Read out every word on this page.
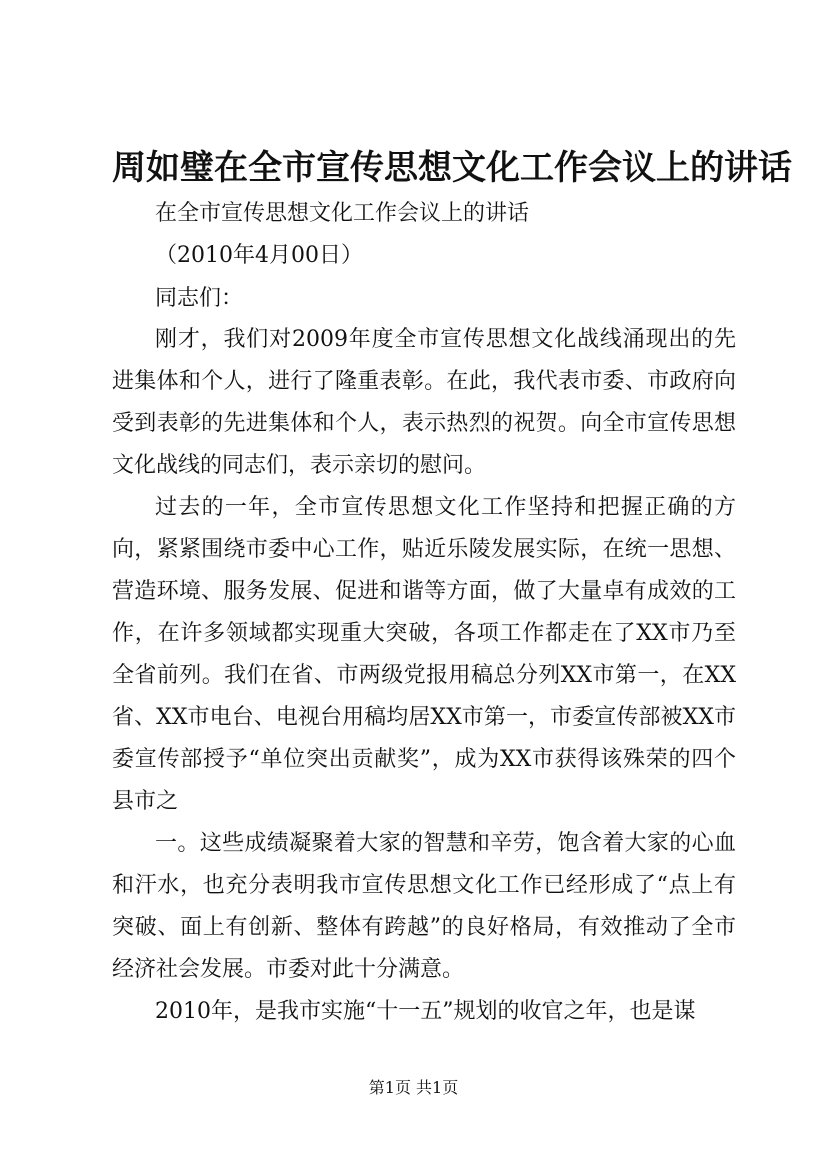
周如璧在全市宣传思想文化工作会议上的讲话
在全市宣传思想文化工作会议上的讲话
（2010年4月00日）
同志们：
刚才，我们对2009年度全市宣传思想文化战线涌现出的先进集体和个人，进行了隆重表彰。在此，我代表市委、市政府向受到表彰的先进集体和个人，表示热烈的祝贺。向全市宣传思想文化战线的同志们，表示亲切的慰问。
过去的一年，全市宣传思想文化工作坚持和把握正确的方向，紧紧围绕市委中心工作，贴近乐陵发展实际，在统一思想、营造环境、服务发展、促进和谐等方面，做了大量卓有成效的工作，在许多领域都实现重大突破，各项工作都走在了XX市乃至全省前列。我们在省、市两级党报用稿总分列XX市第一，在XX省、XX市电台、电视台用稿均居XX市第一，市委宣传部被XX市委宣传部授予“单位突出贡献奖”，成为XX市获得该殊荣的四个县市之
一。这些成绩凝聚着大家的智慧和辛劳，饱含着大家的心血和汗水，也充分表明我市宣传思想文化工作已经形成了“点上有突破、面上有创新、整体有跨越”的良好格局，有效推动了全市经济社会发展。市委对此十分满意。
2010年，是我市实施“十一五”规划的收官之年，也是谋
第1页 共1页
